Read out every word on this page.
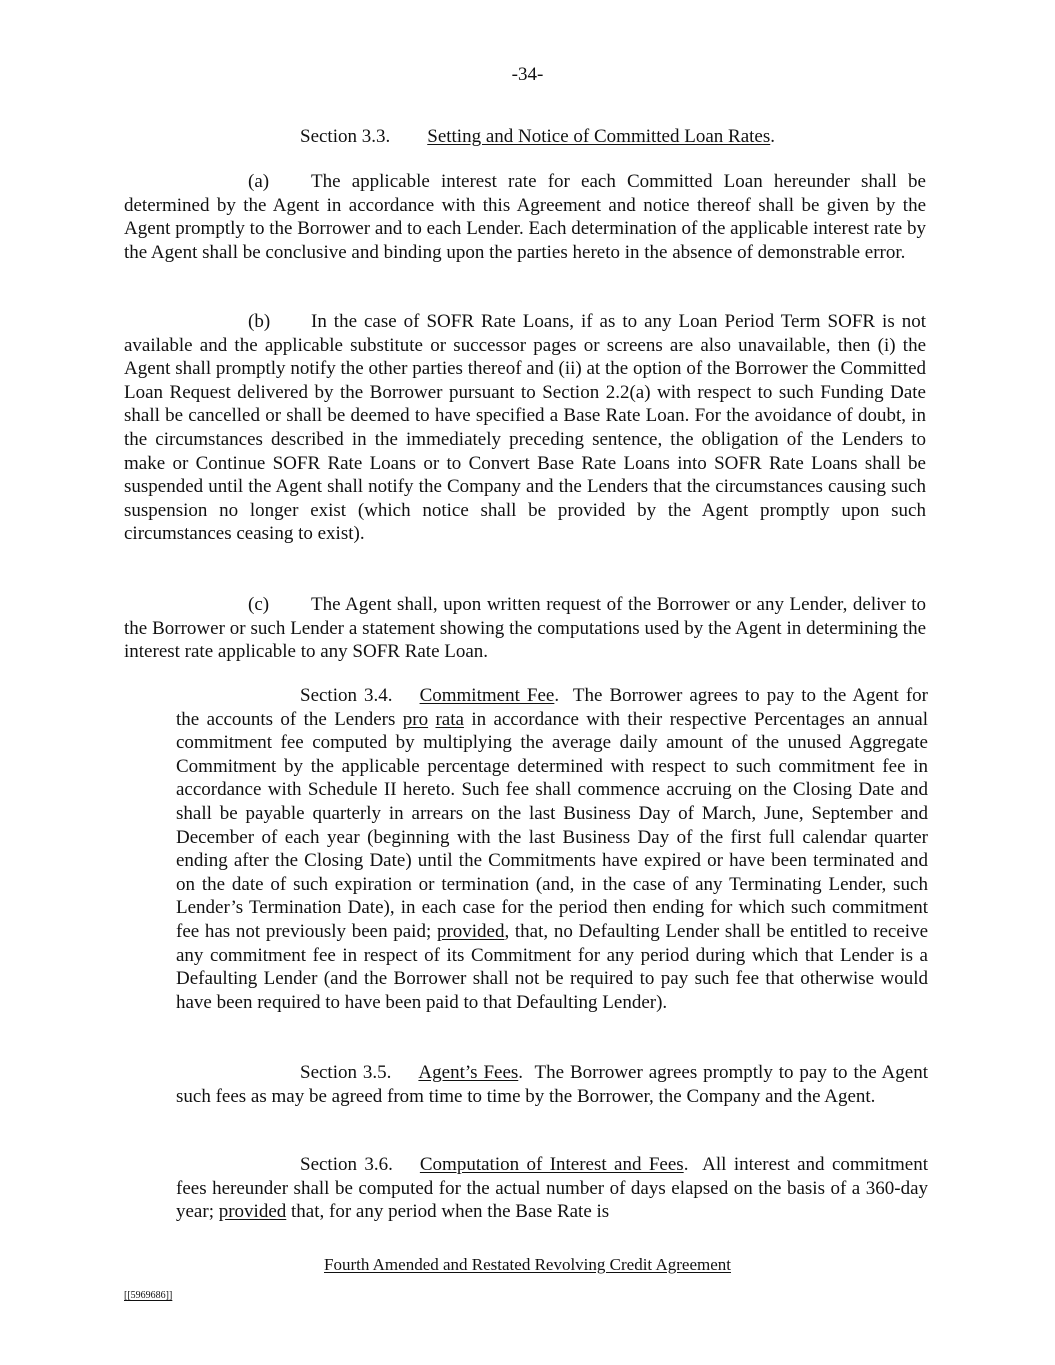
-34-
Section 3.3. Setting and Notice of Committed Loan Rates.
(a) The applicable interest rate for each Committed Loan hereunder shall be determined by the Agent in accordance with this Agreement and notice thereof shall be given by the Agent promptly to the Borrower and to each Lender. Each determination of the applicable interest rate by the Agent shall be conclusive and binding upon the parties hereto in the absence of demonstrable error.
(b) In the case of SOFR Rate Loans, if as to any Loan Period Term SOFR is not available and the applicable substitute or successor pages or screens are also unavailable, then (i) the Agent shall promptly notify the other parties thereof and (ii) at the option of the Borrower the Committed Loan Request delivered by the Borrower pursuant to Section 2.2(a) with respect to such Funding Date shall be cancelled or shall be deemed to have specified a Base Rate Loan. For the avoidance of doubt, in the circumstances described in the immediately preceding sentence, the obligation of the Lenders to make or Continue SOFR Rate Loans or to Convert Base Rate Loans into SOFR Rate Loans shall be suspended until the Agent shall notify the Company and the Lenders that the circumstances causing such suspension no longer exist (which notice shall be provided by the Agent promptly upon such circumstances ceasing to exist).
(c) The Agent shall, upon written request of the Borrower or any Lender, deliver to the Borrower or such Lender a statement showing the computations used by the Agent in determining the interest rate applicable to any SOFR Rate Loan.
Section 3.4. Commitment Fee.  The Borrower agrees to pay to the Agent for the accounts of the Lenders pro rata in accordance with their respective Percentages an annual commitment fee computed by multiplying the average daily amount of the unused Aggregate Commitment by the applicable percentage determined with respect to such commitment fee in accordance with Schedule II hereto. Such fee shall commence accruing on the Closing Date and shall be payable quarterly in arrears on the last Business Day of March, June, September and December of each year (beginning with the last Business Day of the first full calendar quarter ending after the Closing Date) until the Commitments have expired or have been terminated and on the date of such expiration or termination (and, in the case of any Terminating Lender, such Lender’s Termination Date), in each case for the period then ending for which such commitment fee has not previously been paid; provided, that, no Defaulting Lender shall be entitled to receive any commitment fee in respect of its Commitment for any period during which that Lender is a Defaulting Lender (and the Borrower shall not be required to pay such fee that otherwise would have been required to have been paid to that Defaulting Lender).
Section 3.5. Agent’s Fees.  The Borrower agrees promptly to pay to the Agent such fees as may be agreed from time to time by the Borrower, the Company and the Agent.
Section 3.6. Computation of Interest and Fees.  All interest and commitment fees hereunder shall be computed for the actual number of days elapsed on the basis of a 360-day year; provided that, for any period when the Base Rate is
Fourth Amended and Restated Revolving Credit Agreement
[[5969686]]
